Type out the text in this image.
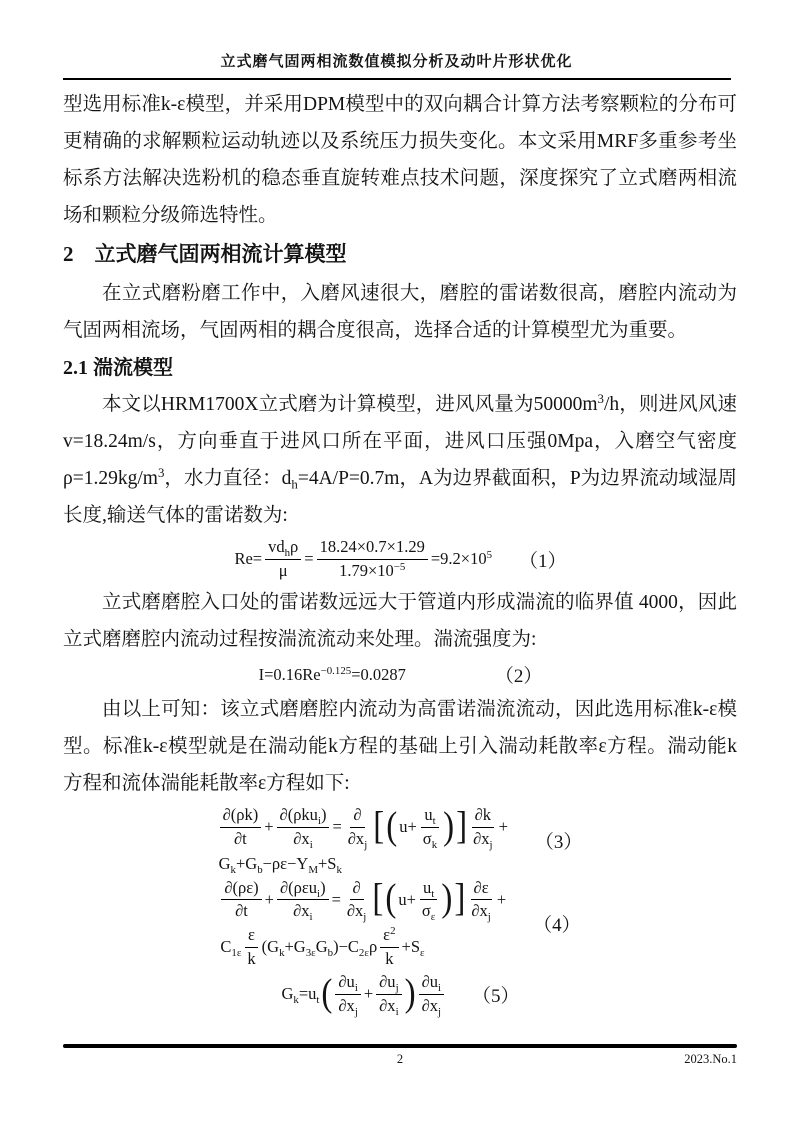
立式磨气固两相流数值模拟分析及动叶片形状优化

型选用标准k-ε模型，并采用DPM模型中的双向耦合计算方法考察颗粒的分布可更精确的求解颗粒运动轨迹以及系统压力损失变化。本文采用MRF多重参考坐标系方法解决选粉机的稳态垂直旋转难点技术问题，深度探究了立式磨两相流场和颗粒分级筛选特性。

2　立式磨气固两相流计算模型

在立式磨粉磨工作中，入磨风速很大，磨腔的雷诺数很高，磨腔内流动为气固两相流场，气固两相的耦合度很高，选择合适的计算模型尤为重要。

2.1 湍流模型

本文以HRM1700X立式磨为计算模型，进风风量为$50000m^3/h$，则进风风速v=18.24m/s，方向垂直于进风口所在平面，进风口压强0Mpa，入磨空气密度$\rho=1.29kg/m^3$，水力直径：$d_h=4A/P=0.7m$，A为边界截面积，P为边界流动域湿周长度,输送气体的雷诺数为:

$Re= \frac{vd_h\rho}{\mu} = \frac{18.24\times 0.7\times 1.29}{1.79\times 10^{-5}} =9.2\times 10^5$ （1）

立式磨磨腔入口处的雷诺数远远大于管道内形成湍流的临界值 4000，因此立式磨磨腔内流动过程按湍流流动来处理。湍流强度为:

$I=0.16Re^{-0.125}=0.0287$	（2）

由以上可知：该立式磨磨腔内流动为高雷诺湍流流动，因此选用标准k-ε模型。标准k-ε模型就是在湍动能k方程的基础上引入湍动耗散率ε方程。湍动能k方程和流体湍能耗散率ε方程如下:

$\frac{\partial(\rho k)}{\partial t} + \frac{\partial(\rho ku_i)}{\partial x_i} = \frac{\partial}{\partial x_j}$ [ ( $u+ \frac{u_t}{\sigma_k}$ ) ] $\frac{\partial k}{\partial x_j}$ +
$G_k+G_b-\rho\varepsilon-Y_M+S_k$
（3）
$\frac{\partial(\rho\varepsilon)}{\partial t} + \frac{\partial(\rho\varepsilon u_i)}{\partial x_i} = \frac{\partial}{\partial x_j}$ [ ( $u+ \frac{u_t}{\sigma_\varepsilon}$ ) ] $\frac{\partial\varepsilon}{\partial x_j}$ +
$C_{1\varepsilon} \frac{\varepsilon}{k} (G_k+G_{3\varepsilon}G_b)-C_{2\varepsilon}\rho \frac{\varepsilon^2}{k} +S_\varepsilon$
（4）
$G_k=u_t$ ( $\frac{\partial u_i}{\partial x_j} + \frac{\partial u_j}{\partial x_i}$ ) $\frac{\partial u_i}{\partial x_j} (5)$
2	2023.No.1
